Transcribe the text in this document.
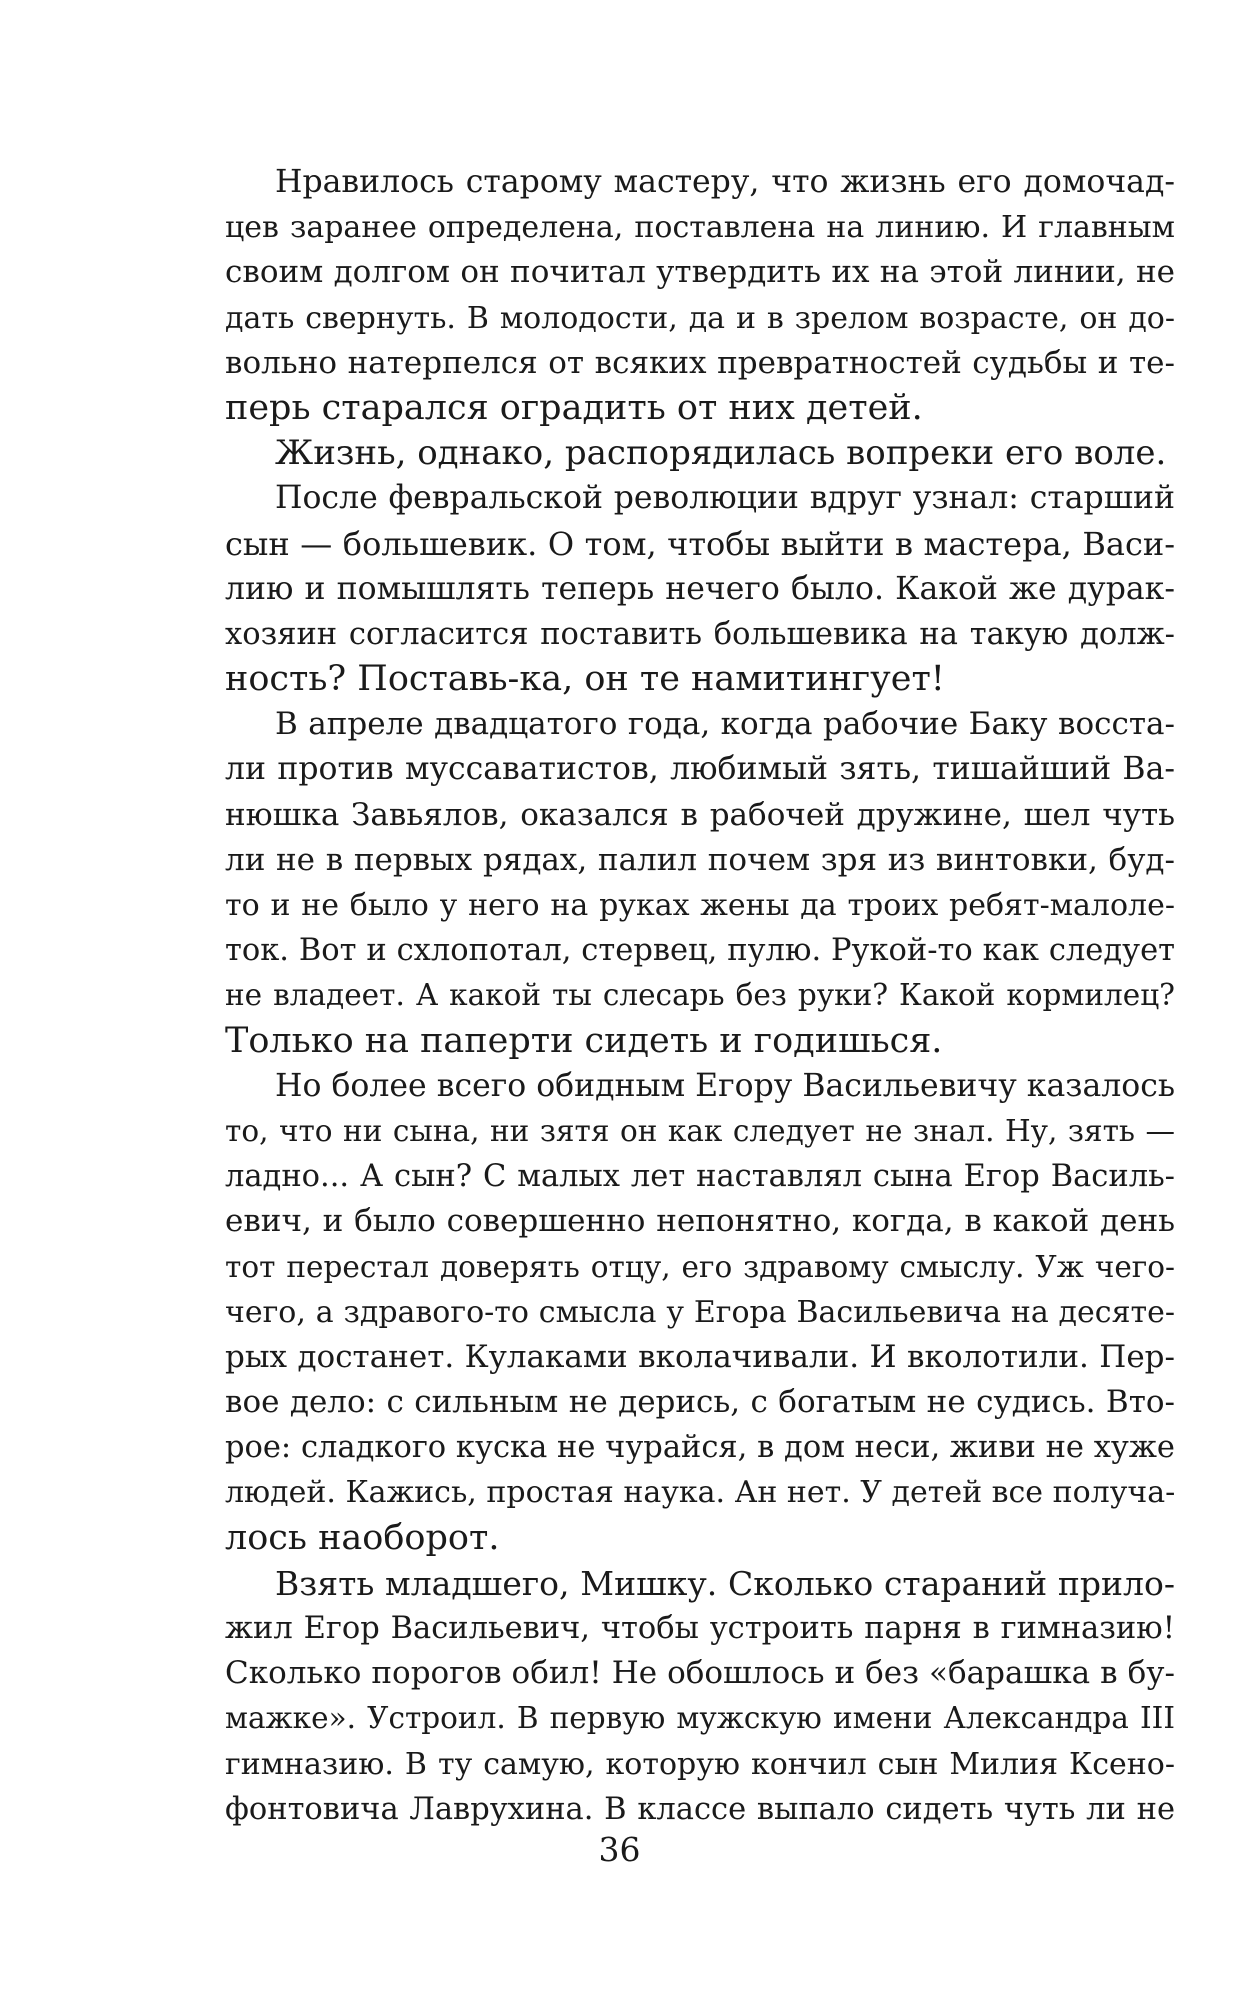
Нравилось старому мастеру, что жизнь его домочад-
цев заранее определена, поставлена на линию. И главным
своим долгом он почитал утвердить их на этой линии, не
дать свернуть. В молодости, да и в зрелом возрасте, он до-
вольно натерпелся от всяких превратностей судьбы и те-
перь старался оградить от них детей.
Жизнь, однако, распорядилась вопреки его воле.
После февральской революции вдруг узнал: старший
сын — большевик. О том, чтобы выйти в мастера, Васи-
лию и помышлять теперь нечего было. Какой же дурак-
хозяин согласится поставить большевика на такую долж-
ность? Поставь-ка, он те намитингует!
В апреле двадцатого года, когда рабочие Баку восста-
ли против муссаватистов, любимый зять, тишайший Ва-
нюшка Завьялов, оказался в рабочей дружине, шел чуть
ли не в первых рядах, палил почем зря из винтовки, буд-
то и не было у него на руках жены да троих ребят-малоле-
ток. Вот и схлопотал, стервец, пулю. Рукой-то как следует
не владеет. А какой ты слесарь без руки? Какой кормилец?
Только на паперти сидеть и годишься.
Но более всего обидным Егору Васильевичу казалось
то, что ни сына, ни зятя он как следует не знал. Ну, зять —
ладно... А сын? С малых лет наставлял сына Егор Василь-
евич, и было совершенно непонятно, когда, в какой день
тот перестал доверять отцу, его здравому смыслу. Уж чего-
чего, а здравого-то смысла у Егора Васильевича на десяте-
рых достанет. Кулаками вколачивали. И вколотили. Пер-
вое дело: с сильным не дерись, с богатым не судись. Вто-
рое: сладкого куска не чурайся, в дом неси, живи не хуже
людей. Кажись, простая наука. Ан нет. У детей все получа-
лось наоборот.
Взять младшего, Мишку. Сколько стараний прило-
жил Егор Васильевич, чтобы устроить парня в гимназию!
Сколько порогов обил! Не обошлось и без «барашка в бу-
мажке». Устроил. В первую мужскую имени Александра III
гимназию. В ту самую, которую кончил сын Милия Ксено-
фонтовича Лаврухина. В классе выпало сидеть чуть ли не
36
